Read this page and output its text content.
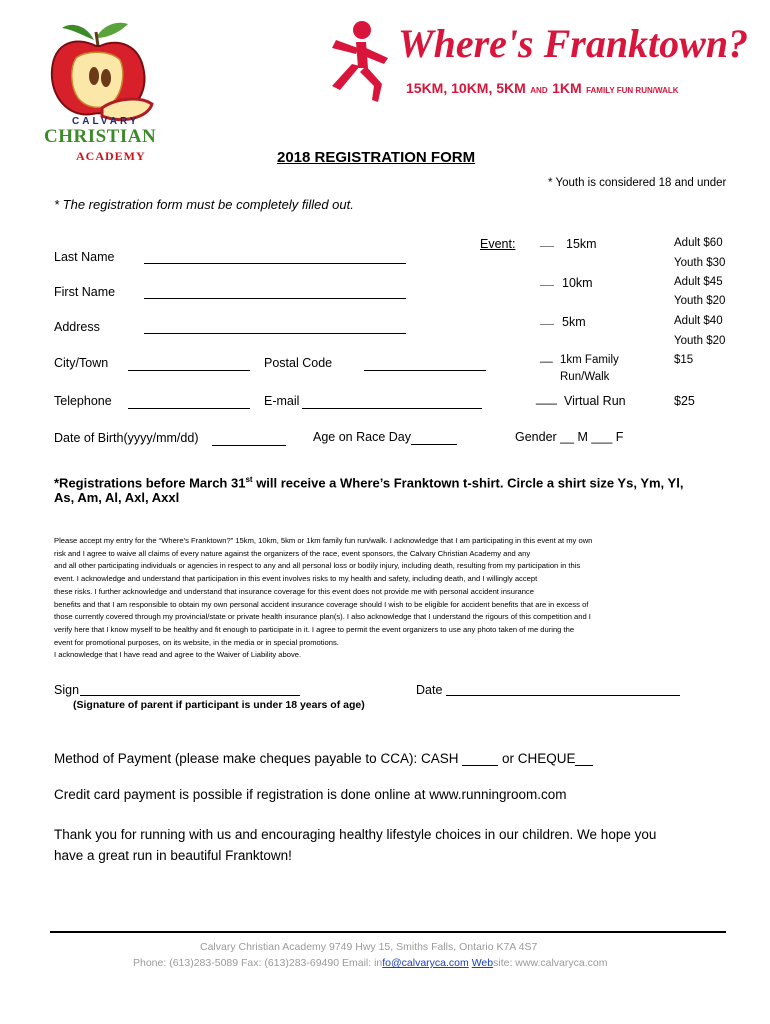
CALVARY
CHRISTIAN
ACADEMY
Where's Franktown?
15KM, 10KM, 5KM AND 1KM FAMILY FUN RUN/WALK
2018 REGISTRATION FORM
* Youth is considered 18 and under
* The registration form must be completely filled out.
Last Name
First Name
Address
City/Town	Postal Code
Telephone	E-mail
Date of Birth(yyyy/mm/dd)	Age on Race Day
Event: __ 15km	Adult $60
Youth $30
__ 10km	Adult $45
Youth $20
__ 5km	Adult $40
Youth $20
__ 1km Family
Run/Walk
$15
___ Virtual Run	$25
Gender __ M ___ F
*Registrations before March 31st will receive a Where’s Franktown t-shirt. Circle a shirt size Ys, Ym, Yl,
As, Am, Al, Axl, Axxl
Please accept my entry for the “Where’s Franktown?” 15km, 10km, 5km or 1km family fun run/walk. I acknowledge that I am participating in this event at my own
risk and I agree to waive all claims of every nature against the organizers of the race, event sponsors, the Calvary Christian Academy and any
and all other participating individuals or agencies in respect to any and all personal loss or bodily injury, including death, resulting from my participation in this
event. I acknowledge and understand that participation in this event involves risks to my health and safety, including death, and I willingly accept
these risks. I further acknowledge and understand that insurance coverage for this event does not provide me with personal accident insurance
benefits and that I am responsible to obtain my own personal accident insurance coverage should I wish to be eligible for accident benefits that are in excess of
those currently covered through my provincial/state or private health insurance plan(s). I also acknowledge that I understand the rigours of this competition and I
verify here that I know myself to be healthy and fit enough to participate in it. I agree to permit the event organizers to use any photo taken of me during the
event for promotional purposes, on its website, in the media or in special promotions.
I acknowledge that I have read and agree to the Waiver of Liability above.
Sign	Date
(Signature of parent if participant is under 18 years of age)
Method of Payment (please make cheques payable to CCA): CASH	or CHEQUE
Credit card payment is possible if registration is done online at www.runningroom.com
Thank you for running with us and encouraging healthy lifestyle choices in our children. We hope you
have a great run in beautiful Franktown!
Calvary Christian Academy 9749 Hwy 15, Smiths Falls, Ontario K7A 4S7
Phone: (613)283-5089 Fax: (613)283-69490 Email: info@calvaryca.com Website: www.calvaryca.com
